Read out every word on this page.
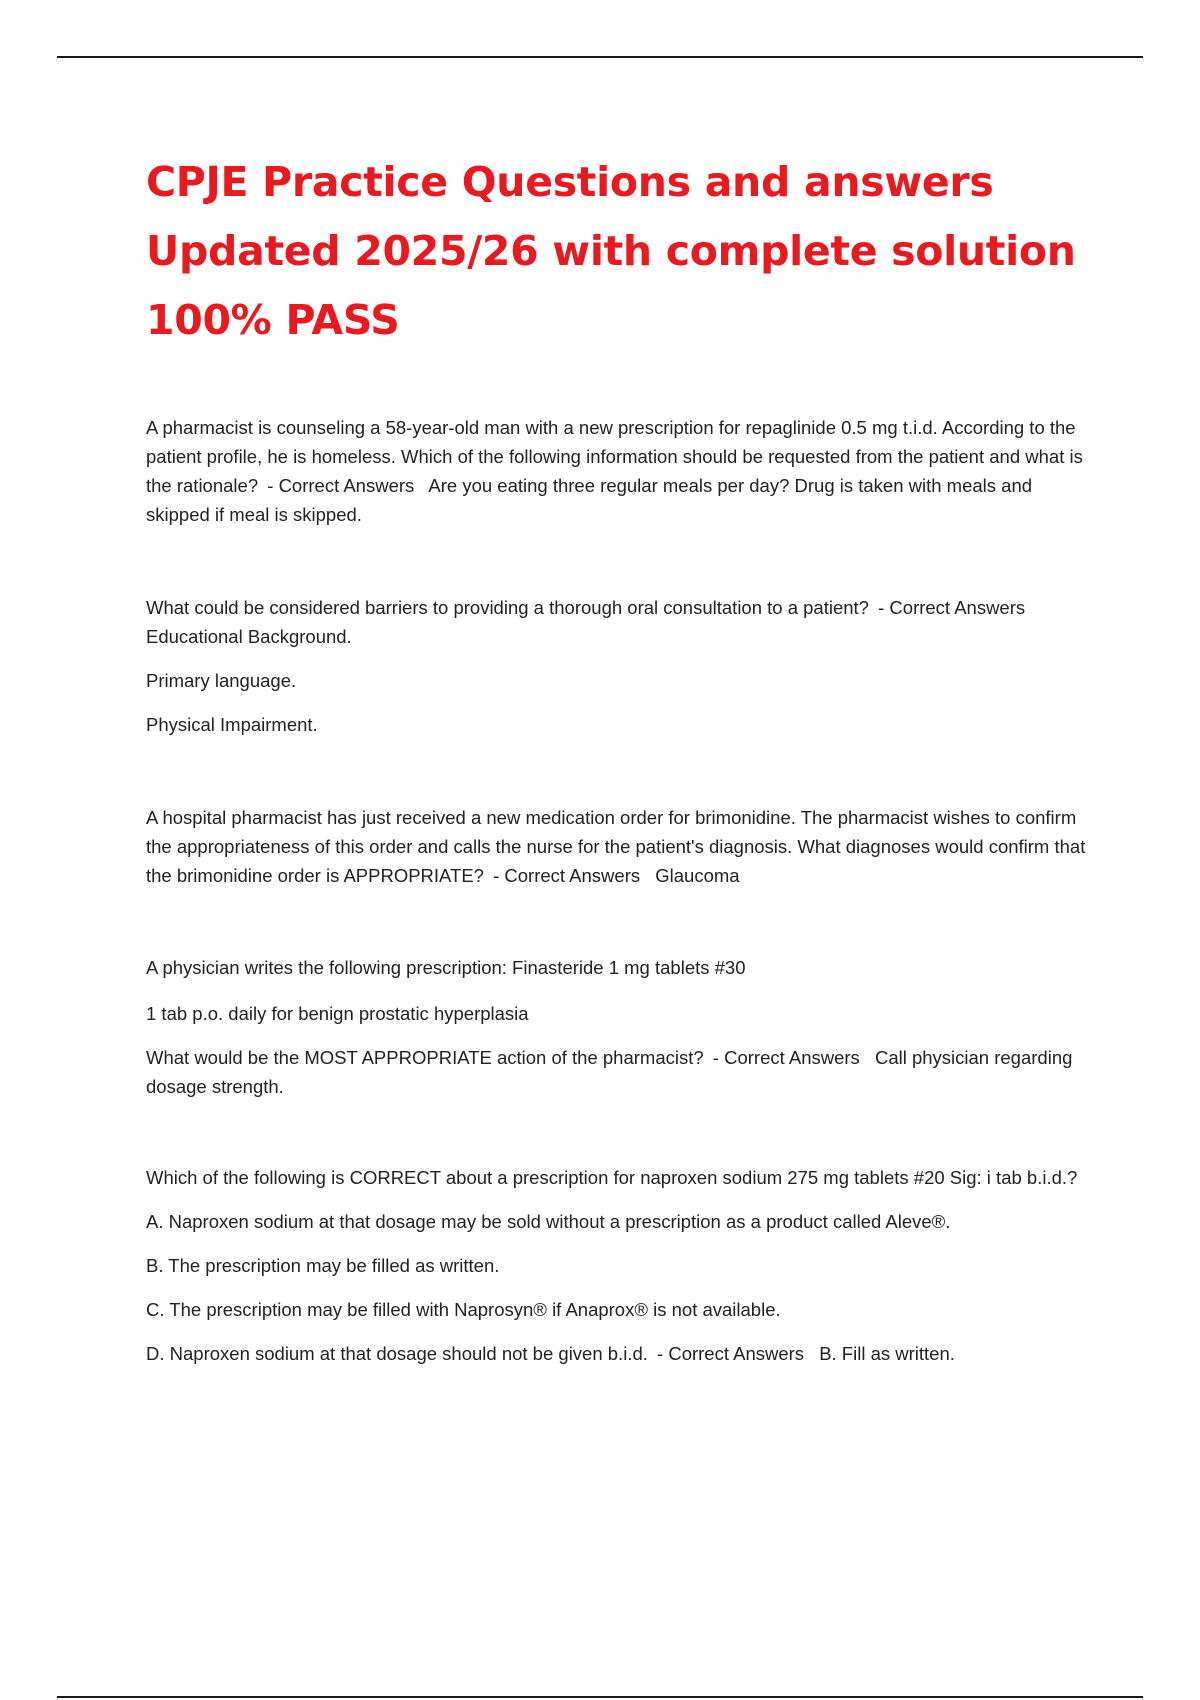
CPJE Practice Questions and answers
Updated 2025/26 with complete solution
100% PASS

A pharmacist is counseling a 58-year-old man with a new prescription for repaglinide 0.5 mg t.i.d. According to the patient profile, he is homeless. Which of the following information should be requested from the patient and what is the rationale? - Correct Answers Are you eating three regular meals per day? Drug is taken with meals and skipped if meal is skipped.

What could be considered barriers to providing a thorough oral consultation to a patient? - Correct Answers Educational Background.

Primary language.

Physical Impairment.

A hospital pharmacist has just received a new medication order for brimonidine. The pharmacist wishes to confirm the appropriateness of this order and calls the nurse for the patient's diagnosis. What diagnoses would confirm that the brimonidine order is APPROPRIATE? - Correct Answers Glaucoma

A physician writes the following prescription: Finasteride 1 mg tablets #30

1 tab p.o. daily for benign prostatic hyperplasia

What would be the MOST APPROPRIATE action of the pharmacist? - Correct Answers Call physician regarding dosage strength.

Which of the following is CORRECT about a prescription for naproxen sodium 275 mg tablets #20 Sig: i tab b.i.d.?

A. Naproxen sodium at that dosage may be sold without a prescription as a product called Aleve®.

B. The prescription may be filled as written.

C. The prescription may be filled with Naprosyn® if Anaprox® is not available.

D. Naproxen sodium at that dosage should not be given b.i.d. - Correct Answers B. Fill as written.
